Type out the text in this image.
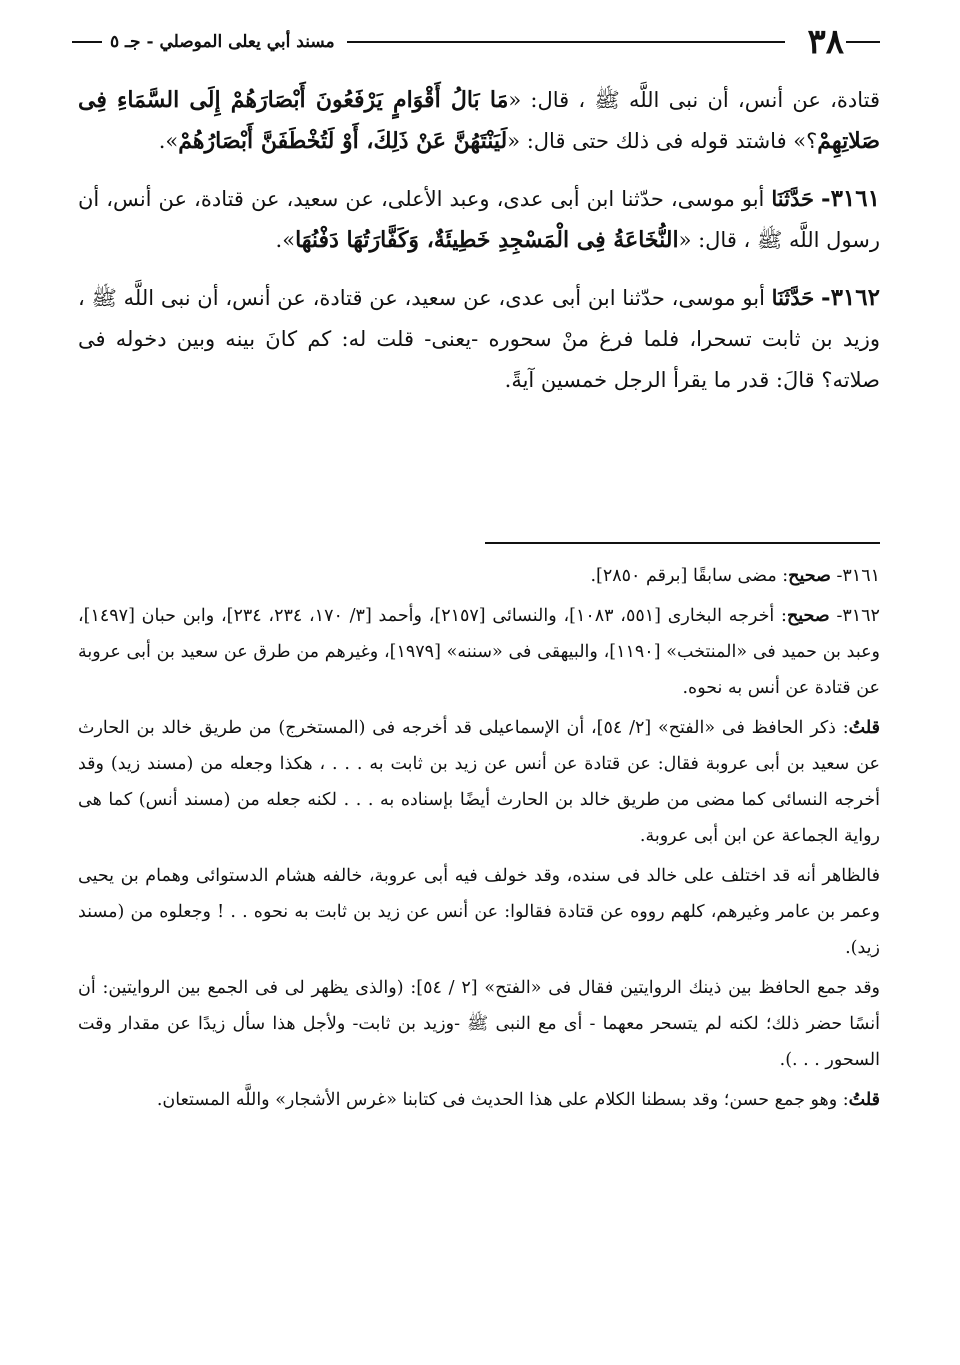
٣٨
مسند أبي يعلى الموصلي - جـ ٥

قتادة، عن أنس، أن نبى اللَّه ﷺ ، قال: «مَا بَالُ أَقْوَامٍ يَرْفَعُونَ أَبْصَارَهُمْ إِلَى السَّمَاءِ فِى صَلاتِهِمْ؟» فاشتد قوله فى ذلك حتى قال: «لَيَنْتَهُنَّ عَنْ ذَلِكَ، أَوْ لَتُخْطَفَنَّ أَبْصَارُهُمْ».

٣١٦١- حَدَّثَنَا أبو موسى، حدّثنا ابن أبى عدى، وعبد الأعلى، عن سعيد، عن قتادة، عن أنس، أن رسول اللَّه ﷺ ، قال: «النُّخَاعَةُ فِى الْمَسْجِدِ خَطِيئَةٌ، وَكَفَّارَتُهَا دَفْنُهَا».

٣١٦٢- حَدَّثَنَا أبو موسى، حدّثنا ابن أبى عدى، عن سعيد، عن قتادة، عن أنس، أن نبى اللَّه ﷺ ، وزيد بن ثابت تسحرا، فلما فرغ منْ سحوره -يعنى- قلت له: كم كانَ بينه وبين دخوله فى صلاته؟ قالَ: قدر ما يقرأ الرجل خمسين آيةً.

٣١٦١- صحيح: مضى سابقًا [برقم ٢٨٥٠].

٣١٦٢- صحيح: أخرجه البخارى [٥٥١، ١٠٨٣]، والنسائى [٢١٥٧]، وأحمد [٣/ ١٧٠، ٢٣٤، ٢٣٤]، وابن حبان [١٤٩٧]، وعبد بن حميد فى «المنتخب» [١١٩٠]، والبيهقى فى «سننه» [١٩٧٩]، وغيرهم من طرق عن سعيد بن أبى عروبة عن قتادة عن أنس به نحوه.

قلتُ: ذكر الحافظ فى «الفتح» [٢/ ٥٤]، أن الإسماعيلى قد أخرجه فى (المستخرج) من طريق خالد بن الحارث عن سعيد بن أبى عروبة فقال: عن قتادة عن أنس عن زيد بن ثابت به . . . ، هكذا وجعله من (مسند زيد) وقد أخرجه النسائى كما مضى من طريق خالد بن الحارث أيضًا بإسناده به . . . لكنه جعله من (مسند أنس) كما هى رواية الجماعة عن ابن أبى عروبة.

فالظاهر أنه قد اختلف على خالد فى سنده، وقد خولف فيه أبى عروبة، خالفه هشام الدستوائى وهمام بن يحيى وعمر بن عامر وغيرهم، كلهم رووه عن قتادة فقالوا: عن أنس عن زيد بن ثابت به نحوه . . ! وجعلوه من (مسند زيد).

وقد جمع الحافظ بين ذينك الروايتين فقال فى «الفتح» [٢ / ٥٤]: (والذى يظهر لى فى الجمع بين الروايتين: أن أنسًا حضر ذلك؛ لكنه لم يتسحر معهما - أى مع النبى ﷺ -وزيد بن ثابت- ولأجل هذا سأل زيدًا عن مقدار وقت السحور . . .).

قلتُ: وهو جمع حسن؛ وقد بسطنا الكلام على هذا الحديث فى كتابنا «غرس الأشجار» واللَّه المستعان.
